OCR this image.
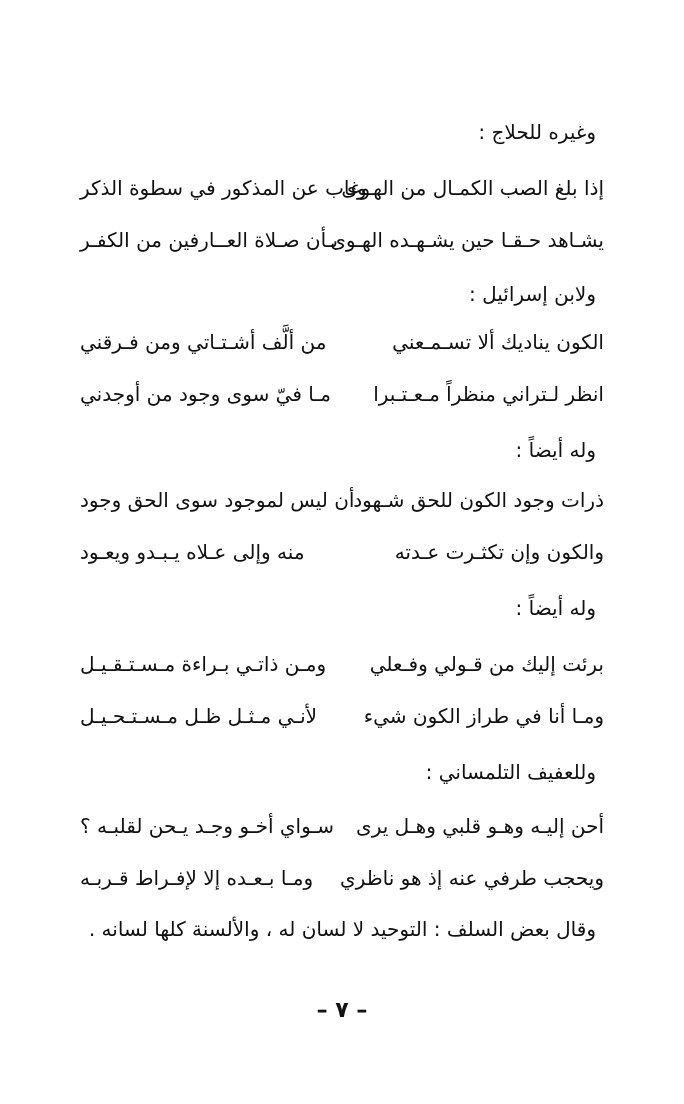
وغيره للحلاج :
إذا بلغ الصب الكمـال من الهـوى
وغاب عن المذكور في سطوة الذكر
يشـاهد حـقـا حين يشـهـده الهـوى
بـأن صـلاة العــارفين من الكفـر
ولابن إسرائيل :
الكون يناديك ألا تسـمـعني
من ألَّف أشـتـاتي ومن فـرقني
انظر لـتراني منظراً مـعـتـبرا
مـا فيّ سوى وجود من أوجدني
وله أيضاً :
ذرات وجود الكون للحق شـهود
أن ليس لموجود سوى الحق وجود
والكون وإن تكثـرت عـدته
منه وإلى عـلاه يـبـدو ويعـود
وله أيضاً :
برئت إليك من قـولي وفـعلي
ومـن ذاتـي بـراءة مـسـتـقـيـل
ومـا أنا في طراز الكون شيء
لأنـي مـثـل ظـل مـسـتـحـيـل
وللعفيف التلمساني :
أحن إليـه وهـو قلبي وهـل يرى
سـواي أخـو وجـد يـحن لقلبـه ؟
ويحجب طرفي عنه إذ هو ناظري
ومـا بـعـده إلا لإفـراط قـربـه
وقال بعض السلف : التوحيد لا لسان له ، والألسنة كلها لسانه .
– ٧ –
